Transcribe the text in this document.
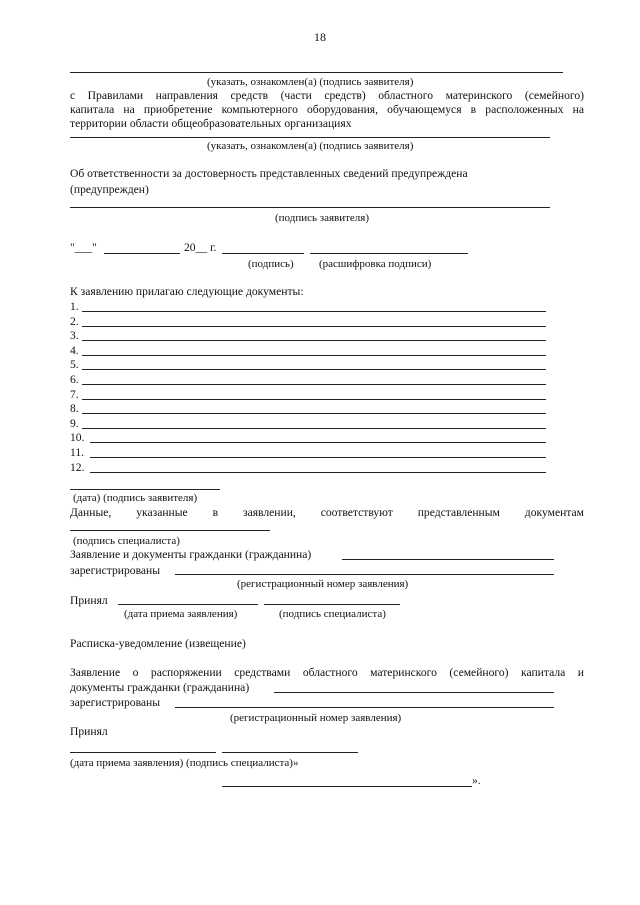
18
(указать, ознакомлен(а) (подпись заявителя)
с Правилами направления средств (части средств) областного материнского (семейного)
капитала на приобретение компьютерного оборудования, обучающемуся в расположенных на
территории области общеобразовательных организациях
(указать, ознакомлен(а) (подпись заявителя)
Об ответственности за достоверность представленных сведений предупреждена
(предупрежден)
(подпись заявителя)
"___"	20__ г.
(подпись) (расшифровка подписи)
К заявлению прилагаю следующие документы:
1.
2.
3.
4.
5.
6.
7.
8.
9.
10.
11.
12.
(дата) (подпись заявителя)
Данные, указанные в заявлении, соответствуют представленным документам
(подпись специалиста)
Заявление и документы гражданки (гражданина)
зарегистрированы
(регистрационный номер заявления)
Принял
(дата приема заявления)	(подпись специалиста)
Расписка-уведомление (извещение)
Заявление о распоряжении средствами областного материнского (семейного) капитала и
документы гражданки (гражданина)
зарегистрированы
(регистрационный номер заявления)
Принял
(дата приема заявления) (подпись специалиста)»
».
